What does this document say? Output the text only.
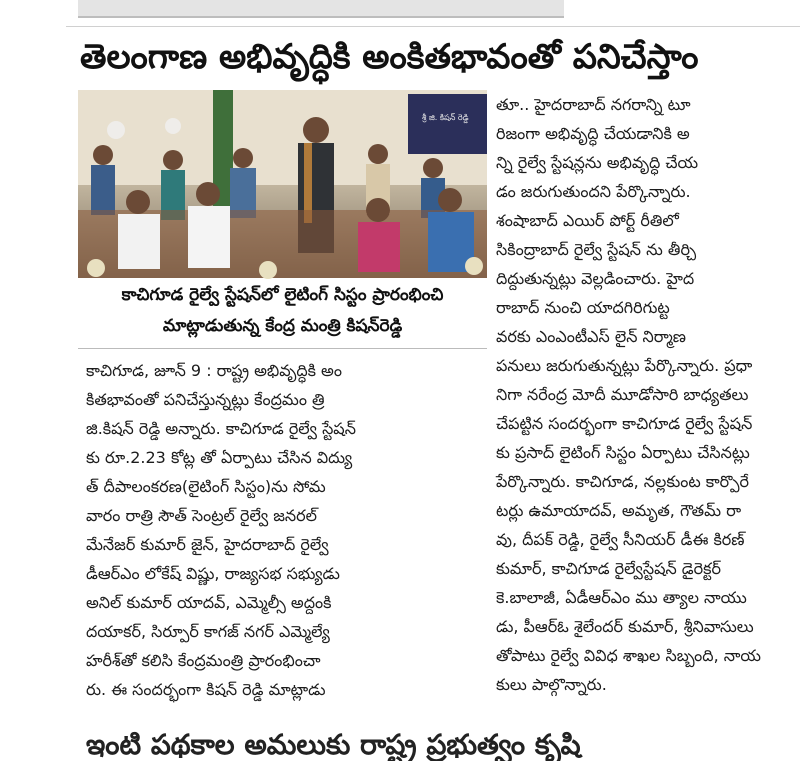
తెలంగాణ అభివృద్ధికి అంకితభావంతో పనిచేస్తాం
శ్రీ జి. కిషన్ రెడ్డి

కాచిగూడ రైల్వే స్టేషన్‌లో లైటింగ్ సిస్టం ప్రారంభించి
మాట్లాడుతున్న కేంద్ర మంత్రి కిషన్‌రెడ్డి

కాచిగూడ, జూన్ 9 : రాష్ట్ర అభివృద్ధికి అం
కితభావంతో పనిచేస్తున్నట్లు కేంద్రమం త్రి
జి.కిషన్ రెడ్డి అన్నారు. కాచిగూడ రైల్వే స్టేషన్
కు రూ.2.23 కోట్ల తో ఏర్పాటు చేసిన విద్యు
త్ దీపాలంకరణ(లైటింగ్ సిస్టం)ను సోమ
వారం రాత్రి సౌత్ సెంట్రల్ రైల్వే జనరల్
మేనేజర్ కుమార్ జైన్, హైదరాబాద్ రైల్వే
డీఆర్ఎం లోకేష్ విష్ణు, రాజ్యసభ సభ్యుడు
అనిల్ కుమార్ యాదవ్, ఎమ్మెల్సీ అద్దంకి
దయాకర్, సిర్పూర్ కాగజ్ నగర్ ఎమ్మెల్యే
హరీశ్‌తో కలిసి కేంద్రమంత్రి ప్రారంభించా
రు. ఈ సందర్భంగా కిషన్ రెడ్డి మాట్లాడు
తూ.. హైదరాబాద్ నగరాన్ని టూ
రిజంగా అభివృద్ధి చేయడానికి అ
న్ని రైల్వే స్టేషన్లను అభివృద్ధి చేయ
డం జరుగుతుందని పేర్కొన్నారు.
శంషాబాద్ ఎయిర్ పోర్ట్ రీతిలో
సికింద్రాబాద్ రైల్వే స్టేషన్ ను తీర్చి
దిద్దుతున్నట్లు వెల్లడించారు. హైద
రాబాద్ నుంచి యాదగిరిగుట్ట
వరకు ఎంఎంటీఎస్ లైన్ నిర్మాణ
పనులు జరుగుతున్నట్లు పేర్కొన్నారు. ప్రధా
నిగా నరేంద్ర మోదీ మూడోసారి బాధ్యతలు
చేపట్టిన సందర్భంగా కాచిగూడ రైల్వే స్టేషన్
కు ప్రసాద్ లైటింగ్ సిస్టం ఏర్పాటు చేసినట్లు
పేర్కొన్నారు. కాచిగూడ, నల్లకుంట కార్పొరే
టర్లు ఉమాయాదవ్, అమృత, గౌతమ్ రా
వు, దీపక్ రెడ్డి, రైల్వే సీనియర్ డీఈ కిరణ్
కుమార్, కాచిగూడ రైల్వేస్టేషన్ డైరెక్టర్
కె.బాలాజీ, ఏడీఆర్ఎం ము త్యాల నాయు
డు, పీఆర్ఓ శైలేందర్ కుమార్, శ్రీనివాసులు
తోపాటు రైల్వే వివిధ శాఖల సిబ్బంది, నాయ
కులు పాల్గొన్నారు.
ఇంటి పథకాల అమలుకు రాష్ట్ర ప్రభుత్వం కృషి
